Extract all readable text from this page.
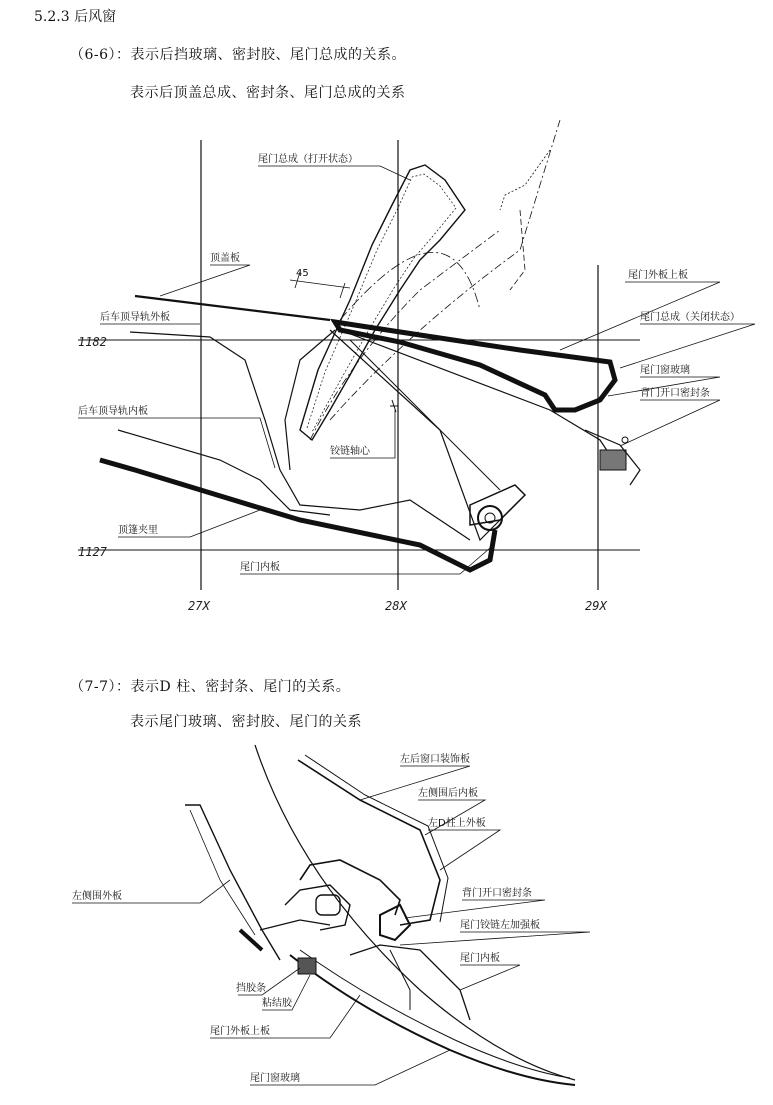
5.2.3 后风窗
（6-6）：表示后挡玻璃、密封胶、尾门总成的关系。
表示后顶盖总成、密封条、尾门总成的关系
（7-7）：表示D 柱、密封条、尾门的关系。
表示尾门玻璃、密封胶、尾门的关系
27X	28X	29X
1182
1127
45
尾门总成（打开状态）
顶盖板
后车顶导轨外板
后车顶导轨内板
顶篷夹里
尾门内板
铰链轴心
尾门外板上板
尾门总成（关闭状态）
尾门窗玻璃
背门开口密封条
左后窗口装饰板
左侧围后内板
左D柱上外板
左侧围外板	背门开口密封条
尾门铰链左加强板
尾门内板
挡胶条
粘结胶
尾门外板上板
尾门窗玻璃
